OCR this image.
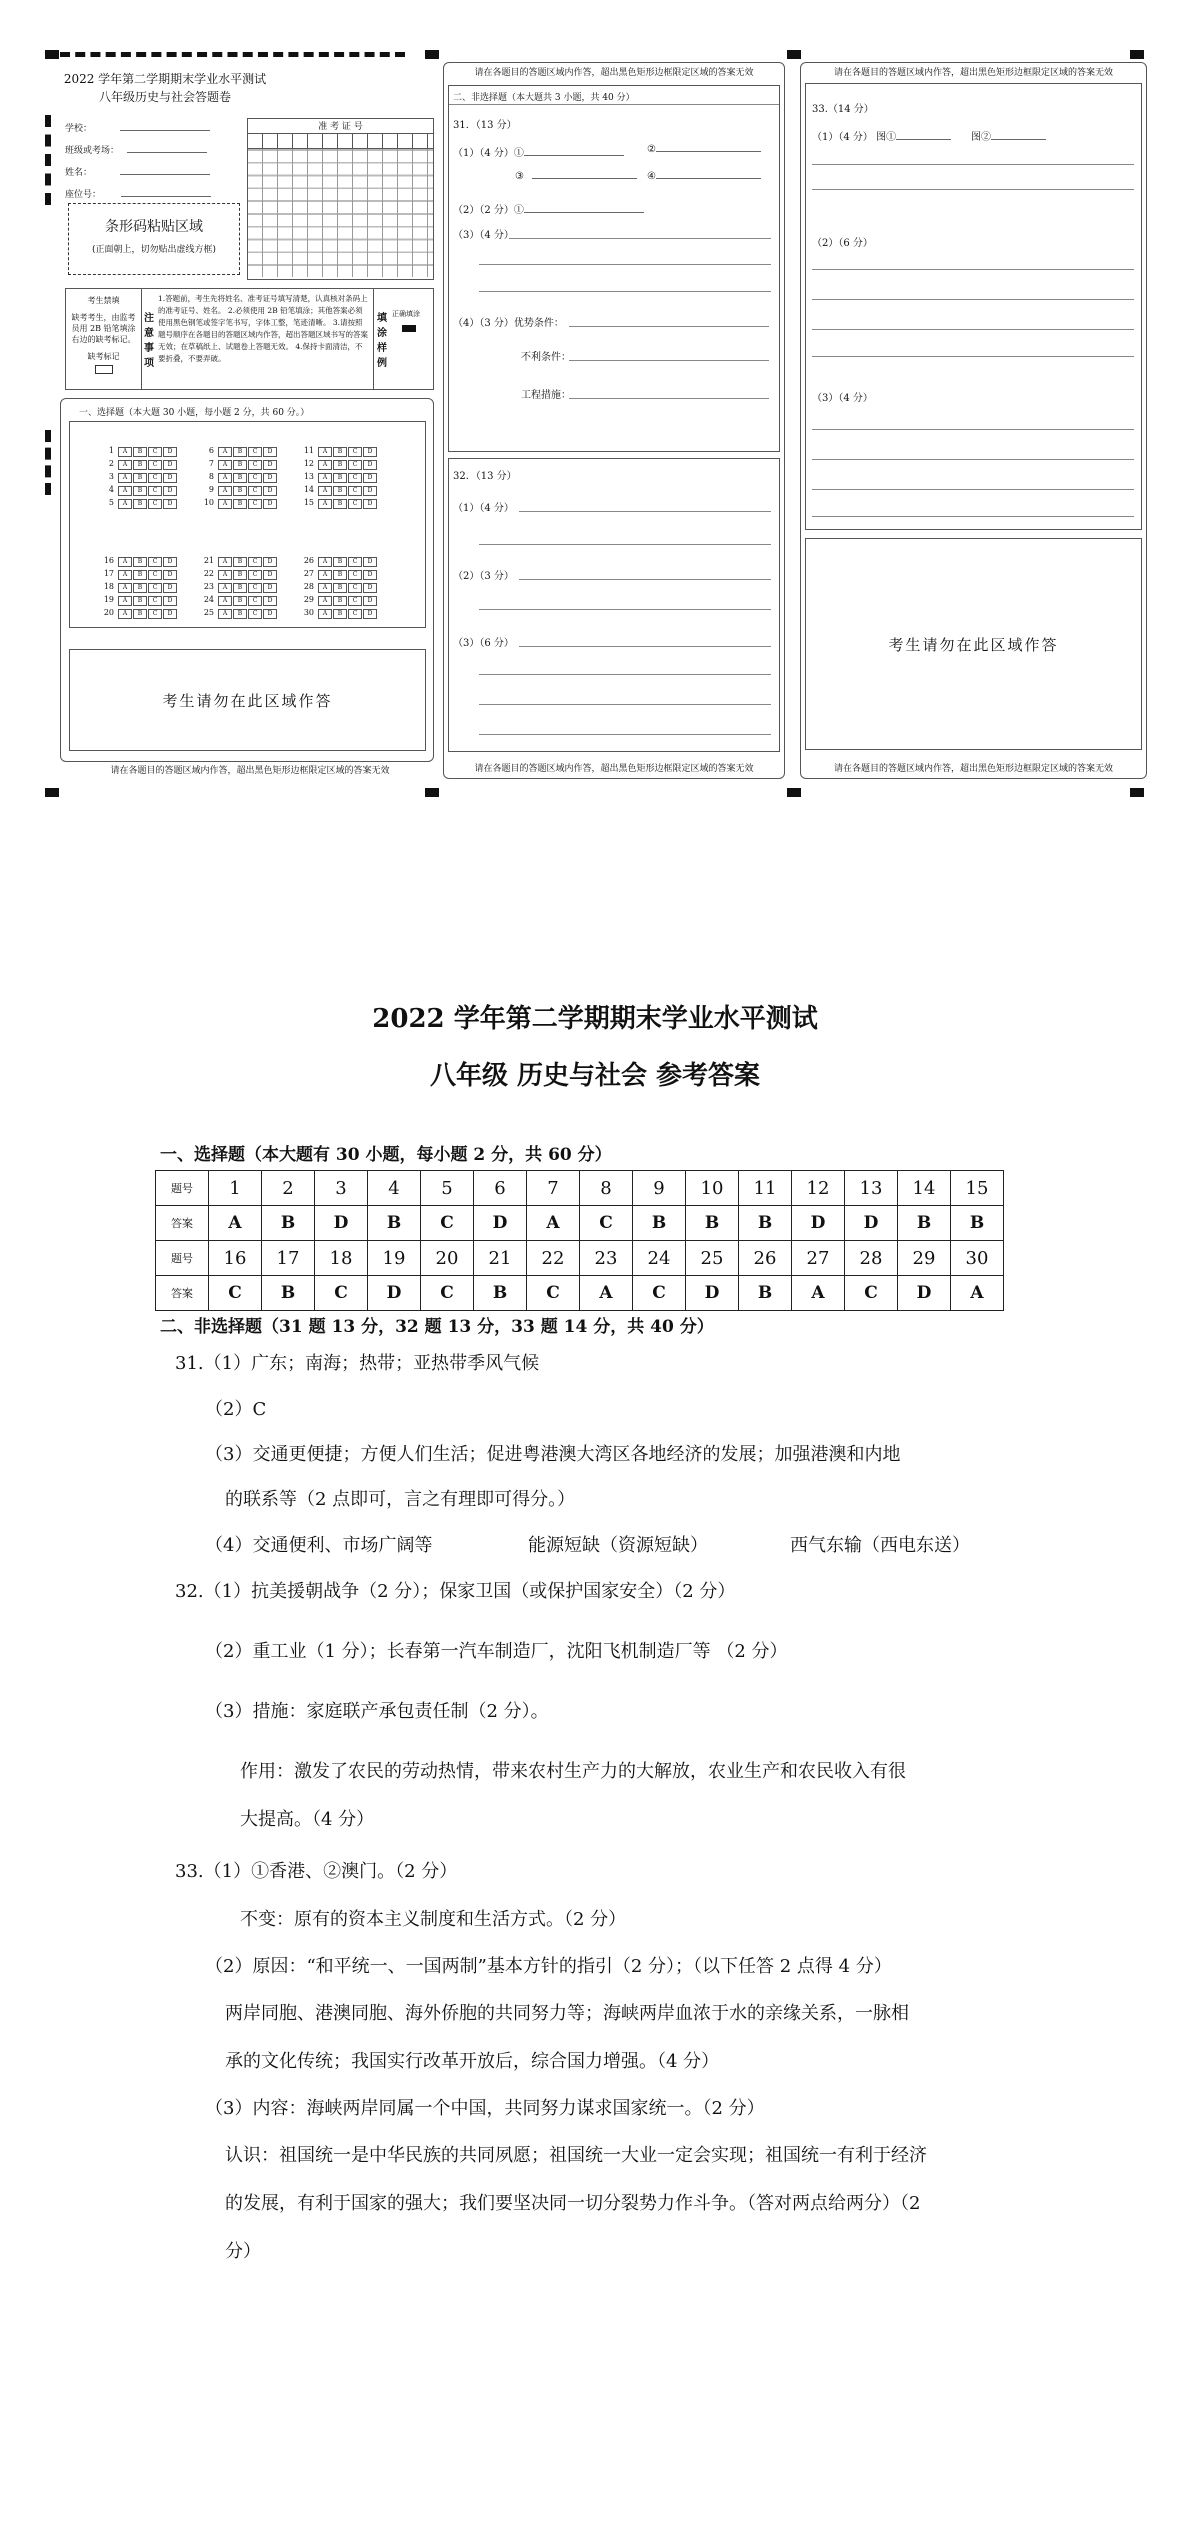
2022 学年第二学期期末学业水平测试
八年级历史与社会答题卷
学校：
班级或考场：
姓名：
座位号：
准 考 证 号
条形码粘贴区域
(正面朝上，切勿贴出虚线方框)
考生禁填
缺考考生，由监考员用 2B 铅笔填涂右边的缺考标记。
缺考标记
注意事项
1.答题前，考生先将姓名、准考证号填写清楚，认真核对条码上的准考证号、姓名。 2.必须使用 2B 铅笔填涂；其他答案必须使用黑色钢笔或签字笔书写，字体工整，笔迹清晰。 3.请按照题号顺序在各题目的答题区域内作答，超出答题区域书写的答案无效；在草稿纸上、试题卷上答题无效。 4.保持卡面清洁，不要折叠，不要弄破。
填涂样例
正确填涂
一、选择题（本大题 30 小题，每小题 2 分，共 60 分。）
1 A B C D
2 A B C D
3 A B C D
4 A B C D
5 A B C D
6 A B C D
7 A B C D
8 A B C D
9 A B C D
10 A B C D
11 A B C D
12 A B C D
13 A B C D
14 A B C D
15 A B C D
16 A B C D
17 A B C D
18 A B C D
19 A B C D
20 A B C D
21 A B C D
22 A B C D
23 A B C D
24 A B C D
25 A B C D
26 A B C D
27 A B C D
28 A B C D
29 A B C D
30 A B C D
考生请勿在此区域作答
请在各题目的答题区域内作答，超出黑色矩形边框限定区域的答案无效
请在各题目的答题区域内作答，超出黑色矩形边框限定区域的答案无效
二、非选择题（本大题共 3 小题，共 40 分）
31．（13 分）
（1）（4 分）①	②
③	④
（2）（2 分）①
（3）（4 分）
（4）（3 分）优势条件：
不利条件：
工程措施：
32．（13 分）
（1）（4 分）
（2）（3 分）
（3）（6 分）
请在各题目的答题区域内作答，超出黑色矩形边框限定区域的答案无效
请在各题目的答题区域内作答，超出黑色矩形边框限定区域的答案无效
33.（14 分）
（1）（4 分） 图①	图②
（2）（6 分）
（3）（4 分）
考生请勿在此区域作答
请在各题目的答题区域内作答，超出黑色矩形边框限定区域的答案无效
2022 学年第二学期期末学业水平测试
八年级 历史与社会 参考答案
一、选择题（本大题有 30 小题，每小题 2 分，共 60 分）
题号	1	2	3	4	5	6	7	8	9	10	11	12	13	14	15
答案	A	B	D	B	C	D	A	C	B	B	B	D	D	B	B
题号	16	17	18	19	20	21	22	23	24	25	26	27	28	29	30
答案	C	B	C	D	C	B	C	A	C	D	B	A	C	D	A
二、非选择题（31 题 13 分，32 题 13 分，33 题 14 分，共 40 分）
31.（1）广东；南海；热带；亚热带季风气候
（2）C
（3）交通更便捷；方便人们生活；促进粤港澳大湾区各地经济的发展；加强港澳和内地
的联系等（2 点即可，言之有理即可得分。）
（4）交通便利、市场广阔等	能源短缺（资源短缺）	西气东输（西电东送）
32.（1）抗美援朝战争（2 分）；保家卫国（或保护国家安全）（2 分）
（2）重工业（1 分）；长春第一汽车制造厂，沈阳飞机制造厂等 （2 分）
（3）措施：家庭联产承包责任制（2 分）。
作用：激发了农民的劳动热情，带来农村生产力的大解放，农业生产和农民收入有很
大提高。（4 分）
33.（1）①香港、②澳门。（2 分）
不变：原有的资本主义制度和生活方式。（2 分）
（2）原因：“和平统一、一国两制”基本方针的指引（2 分）；（以下任答 2 点得 4 分）
两岸同胞、港澳同胞、海外侨胞的共同努力等；海峡两岸血浓于水的亲缘关系，一脉相
承的文化传统；我国实行改革开放后，综合国力增强。（4 分）
（3）内容：海峡两岸同属一个中国，共同努力谋求国家统一。（2 分）
认识：祖国统一是中华民族的共同夙愿；祖国统一大业一定会实现；祖国统一有利于经济
的发展，有利于国家的强大；我们要坚决同一切分裂势力作斗争。（答对两点给两分）（2
分）
